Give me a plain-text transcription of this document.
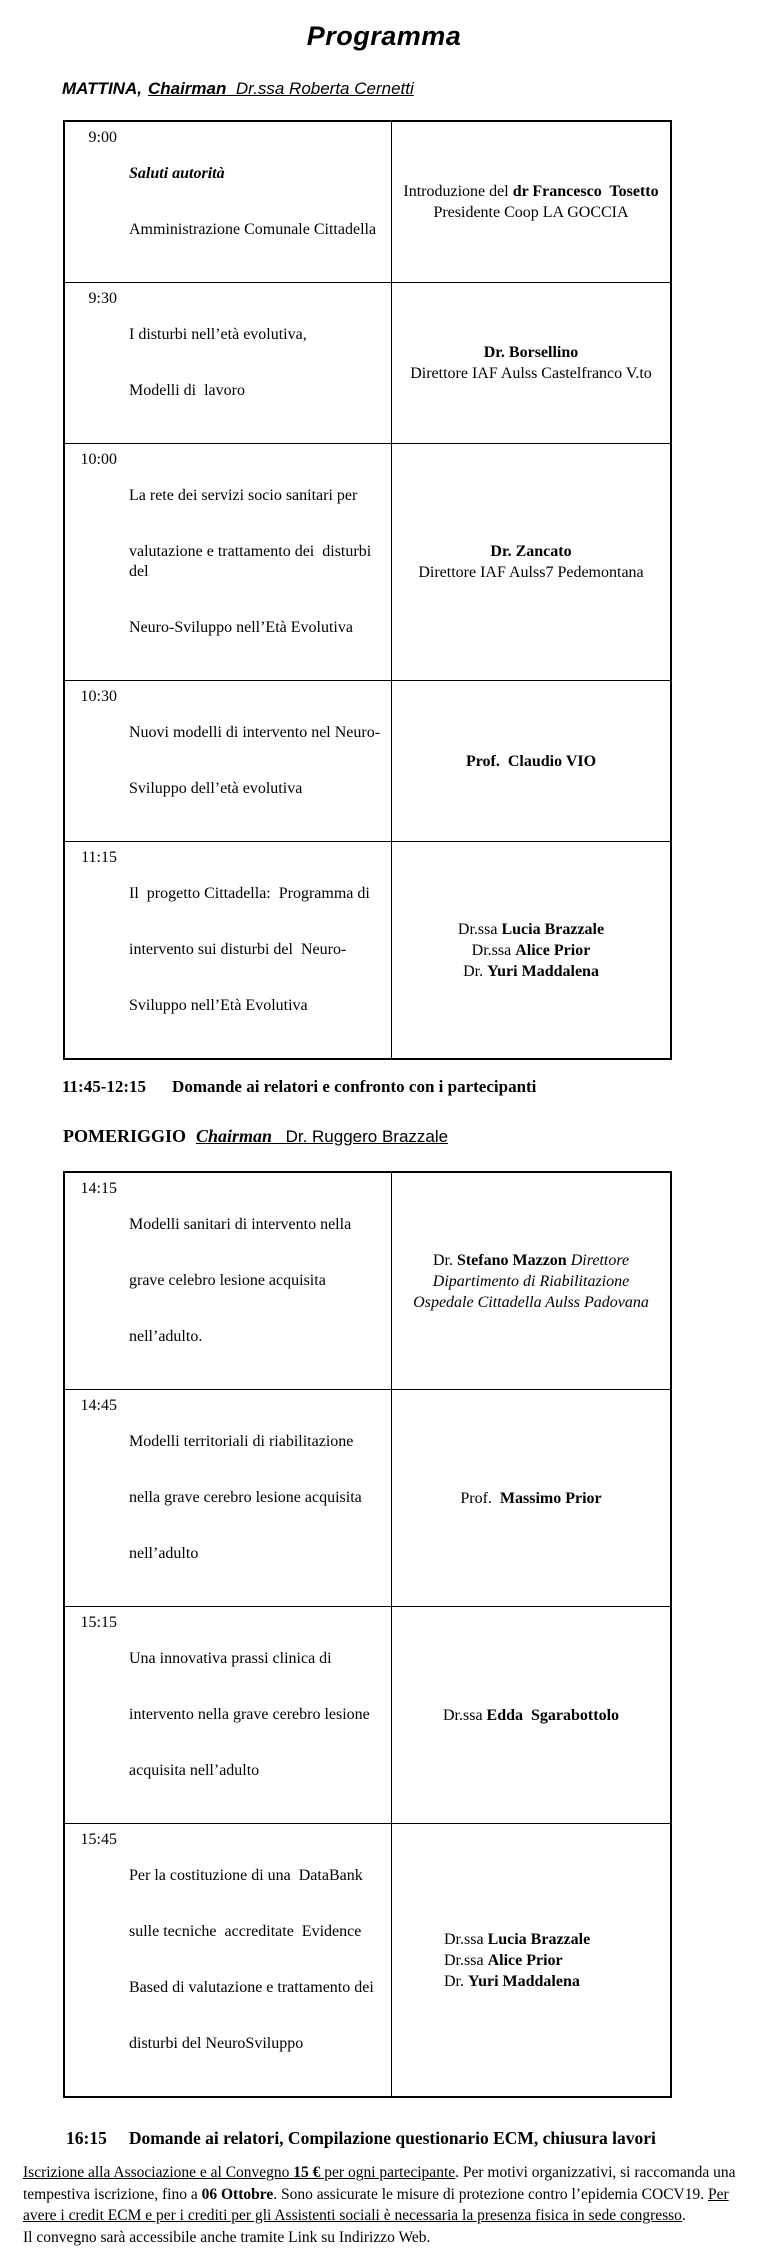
Programma
MATTINA, Chairman Dr.ssa Roberta Cernetti
9:00

Saluti autorità

Amministrazione Comunale Cittadella

Introduzione del dr Francesco  Tosetto
Presidente Coop LA GOCCIA
9:30

I disturbi nell’età evolutiva,

Modelli di  lavoro

Dr. Borsellino
Direttore IAF Aulss Castelfranco V.to
10:00

La rete dei servizi socio sanitari per

valutazione e trattamento dei  disturbi del

Neuro-Sviluppo nell’Età Evolutiva

Dr. Zancato
Direttore IAF Aulss7 Pedemontana
10:30

Nuovi modelli di intervento nel Neuro-

Sviluppo dell’età evolutiva

Prof.  Claudio VIO
11:15

Il  progetto Cittadella:  Programma di

intervento sui disturbi del  Neuro-

Sviluppo nell’Età Evolutiva

Dr.ssa Lucia Brazzale
Dr.ssa Alice Prior
Dr. Yuri Maddalena
11:45-12:15 Domande ai relatori e confronto con i partecipanti
POMERIGGIO Chairman Dr. Ruggero Brazzale
14:15

Modelli sanitari di intervento nella

grave celebro lesione acquisita

nell’adulto.

Dr. Stefano Mazzon Direttore
Dipartimento di Riabilitazione
Ospedale Cittadella Aulss Padovana
14:45

Modelli territoriali di riabilitazione

nella grave cerebro lesione acquisita

nell’adulto

Prof.  Massimo Prior
15:15

Una innovativa prassi clinica di

intervento nella grave cerebro lesione

acquisita nell’adulto

Dr.ssa Edda  Sgarabottolo
15:45

Per la costituzione di una  DataBank

sulle tecniche  accreditate  Evidence

Based di valutazione e trattamento dei

disturbi del NeuroSviluppo

Dr.ssa Lucia Brazzale
Dr.ssa Alice Prior
Dr. Yuri Maddalena
16:15 Domande ai relatori, Compilazione questionario ECM, chiusura lavori

Iscrizione alla Associazione e al Convegno 15 € per ogni partecipante. Per motivi organizzativi, si raccomanda una tempestiva iscrizione, fino a 06 Ottobre. Sono assicurate le misure di protezione contro l’epidemia COCV19. Per avere i credit ECM e per i crediti per gli Assistenti sociali è necessaria la presenza fisica in sede congresso.

Il convegno sarà accessibile anche tramite Link su Indirizzo Web.
